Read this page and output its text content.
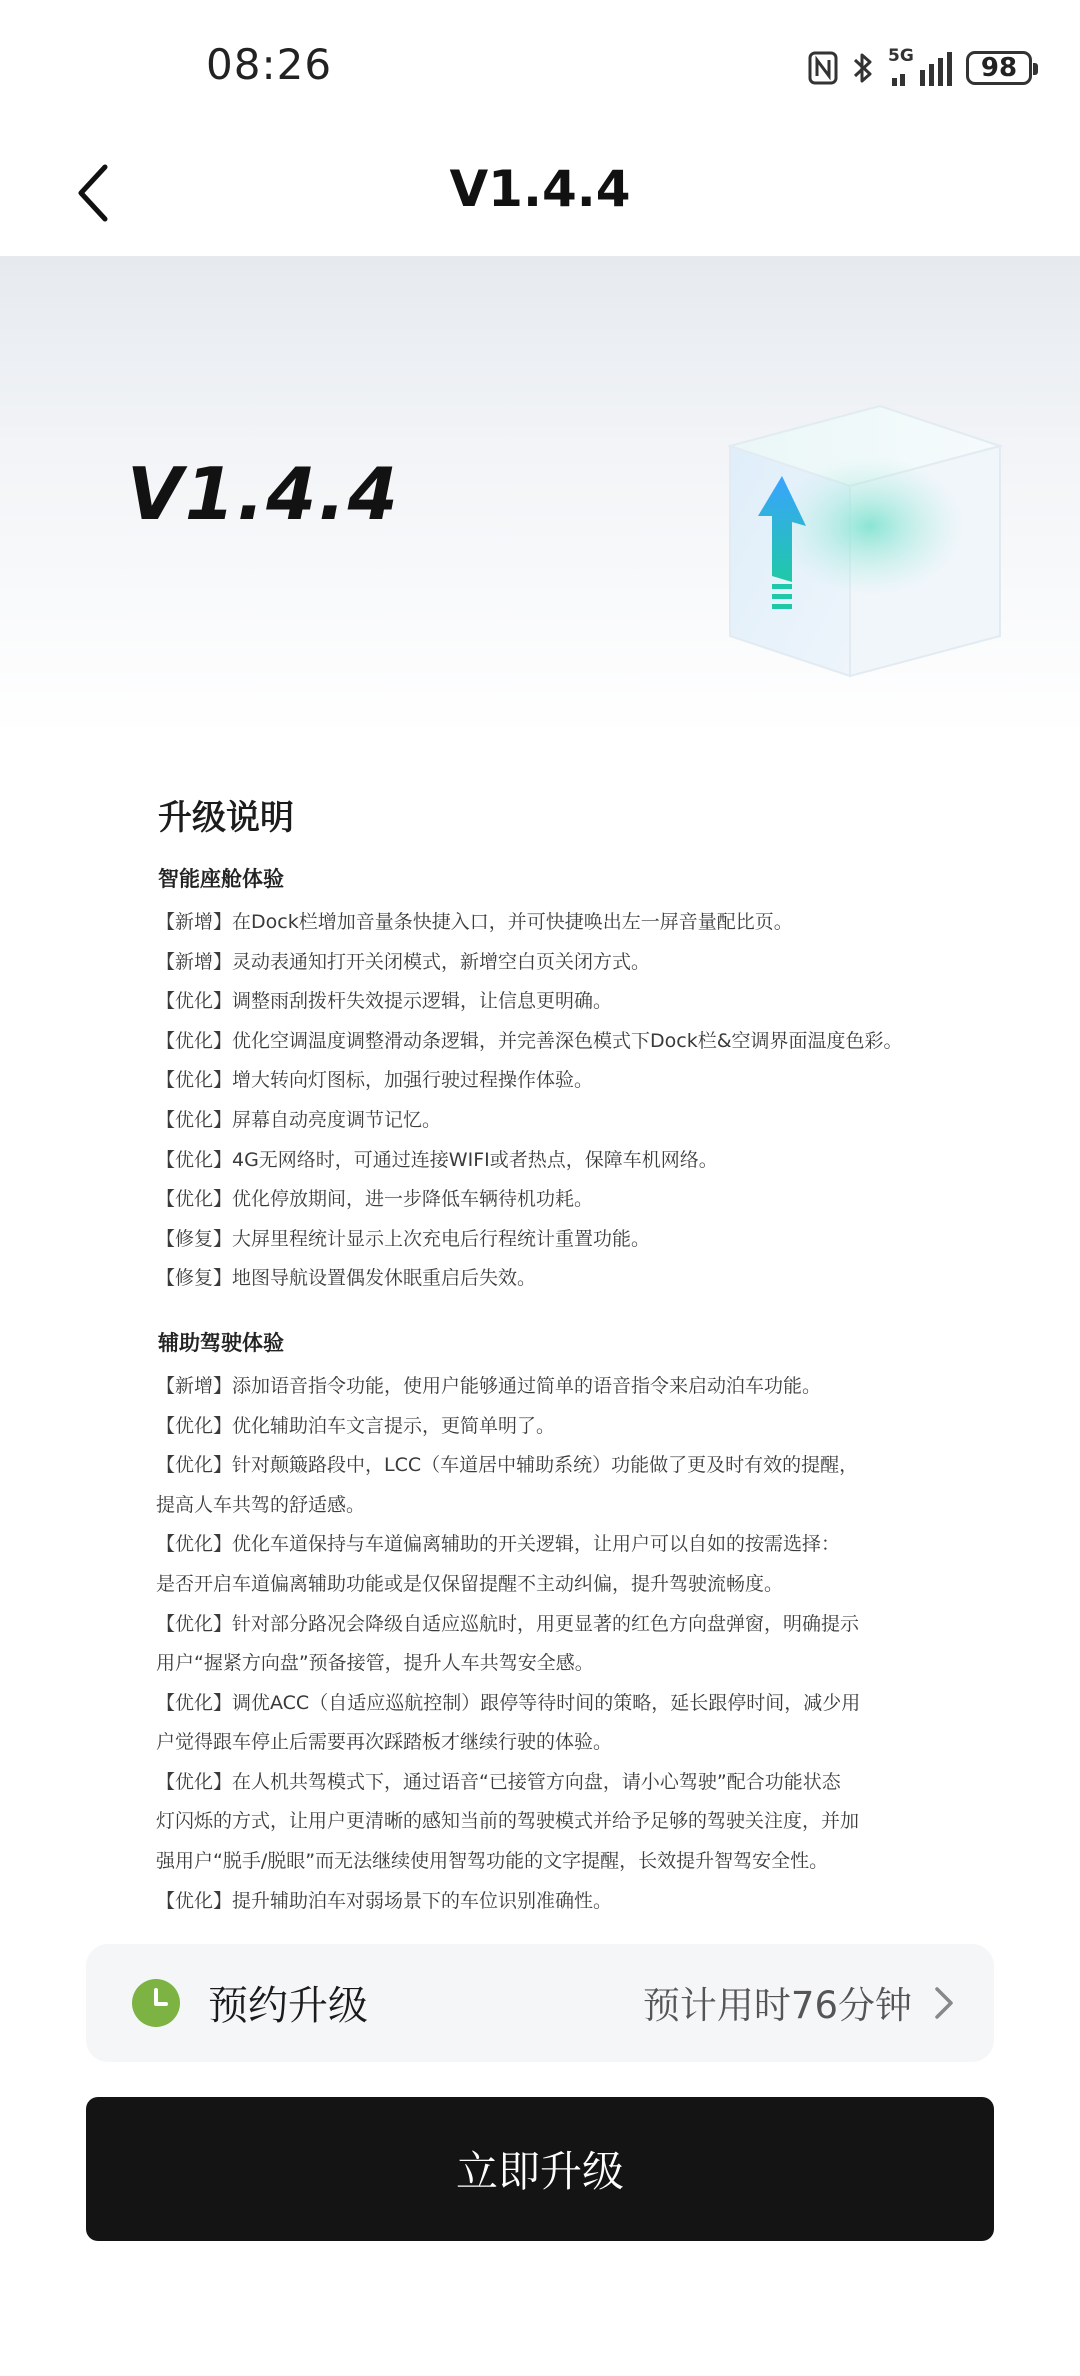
08:26	5G	98
V1.4.4
V1.4.4
升级说明
智能座舱体验
【新增】在Dock栏增加音量条快捷入口，并可快捷唤出左一屏音量配比页。
【新增】灵动表通知打开关闭模式，新增空白页关闭方式。
【优化】调整雨刮拨杆失效提示逻辑，让信息更明确。
【优化】优化空调温度调整滑动条逻辑，并完善深色模式下Dock栏&空调界面温度色彩。
【优化】增大转向灯图标，加强行驶过程操作体验。
【优化】屏幕自动亮度调节记忆。
【优化】4G无网络时，可通过连接WIFI或者热点，保障车机网络。
【优化】优化停放期间，进一步降低车辆待机功耗。
【修复】大屏里程统计显示上次充电后行程统计重置功能。
【修复】地图导航设置偶发休眠重启后失效。
辅助驾驶体验
【新增】添加语音指令功能，使用户能够通过简单的语音指令来启动泊车功能。
【优化】优化辅助泊车文言提示，更简单明了。
【优化】针对颠簸路段中，LCC（车道居中辅助系统）功能做了更及时有效的提醒，
提高人车共驾的舒适感。
【优化】优化车道保持与车道偏离辅助的开关逻辑，让用户可以自如的按需选择：
是否开启车道偏离辅助功能或是仅保留提醒不主动纠偏，提升驾驶流畅度。
【优化】针对部分路况会降级自适应巡航时，用更显著的红色方向盘弹窗，明确提示
用户“握紧方向盘”预备接管，提升人车共驾安全感。
【优化】调优ACC（自适应巡航控制）跟停等待时间的策略，延长跟停时间，减少用
户觉得跟车停止后需要再次踩踏板才继续行驶的体验。
【优化】在人机共驾模式下，通过语音“已接管方向盘，请小心驾驶”配合功能状态
灯闪烁的方式，让用户更清晰的感知当前的驾驶模式并给予足够的驾驶关注度，并加
强用户“脱手/脱眼”而无法继续使用智驾功能的文字提醒，长效提升智驾安全性。
【优化】提升辅助泊车对弱场景下的车位识别准确性。
预约升级	预计用时76分钟
立即升级
